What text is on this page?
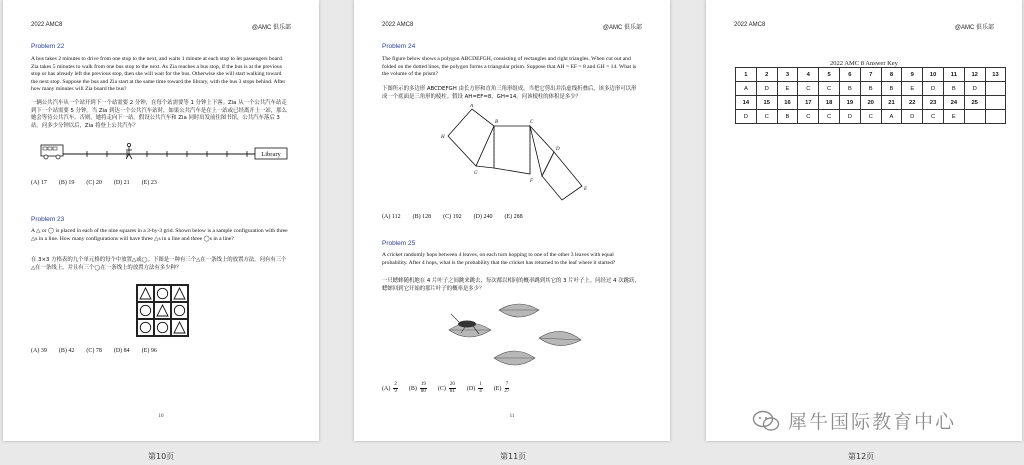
2022 AMC8	@AMC 俱乐部
Problem 22
A bus takes 2 minutes to drive from one stop to the next, and waits 1 minute at each stop to let passengers board. Zia takes 5 minutes to walk from one bus stop to the next. As Zia reaches a bus stop, if the bus is at the previous stop or has already left the previous stop, then she will wait for the bus. Otherwise she will start walking toward the next stop. Suppose the bus and Zia start at the same time toward the library, with the bus 3 stops behind. After how many minutes will Zia board the bus?
一辆公共汽车从一个站开到下一个站需要 2 分钟，在每个站需要等 1 分钟上下客。Zia 从一个公共汽车站走到下一个站需要 5 分钟。当 Zia 到达一个公共汽车站时，如果公共汽车是在上一站或已经离开上一站，那么她会等待公共汽车。否则，她将走向下一站。假设公共汽车和 Zia 同时出发前往图书馆，公共汽车落后 3 站。问多少分钟以后，Zia 将登上公共汽车？
Library
(A) 17 (B) 19 (C) 20 (D) 21 (E) 23
Problem 23
A △ or ◯ is placed in each of the nine squares in a 3-by-3 grid. Shown below is a sample configuration with three △s in a line. How many configurations will have three △s in a line and three ◯s in a line?
在 3×3 方格表的九个单元格的每个中放置△或◯。下图是一种有三个△在一条线上的放置方法。问有有三个△在一条线上，并且有三个◯在一条线上的放置方法有多少种？
(A) 39 (B) 42 (C) 78 (D) 84 (E) 96
10
第10页
2022 AMC8	@AMC 俱乐部
Problem 24
The figure below shows a polygon ABCDEFGH, consisting of rectangles and right triangles. When cut out and folded on the dotted lines, the polygon forms a triangular prism. Suppose that AH = EF = 8 and GH = 14. What is the volume of the prism?
下图所示的多边形 ABCDEFGH 由长方形和直角三角形组成。当把它剪出并沿虚线折叠后，该多边形可以形成一个底面是三角形的棱柱。假设 AH=EF=8，GH=14。问该棱柱的体积是多少？
H
A
B	C
D
E
F
G
(A) 112 (B) 128 (C) 192 (D) 240 (E) 288
Problem 25
A cricket randomly hops between 4 leaves, on each turn hopping to one of the other 3 leaves with equal probability. After 4 hops, what is the probability that the cricket has returned to the leaf where it started?
一只蟋蟀随机地在 4 片叶子之间跳来跳去，每次都以相同的概率跳到其它的 3 片叶子上。问经过 4 次跳跃，蟋蟀回到它开始的那片叶子的概率是多少？
(A)
2
9 (B)
19
80 (C)
20
81 (D)
1
4 (E)
7
27
11
第11页
2022 AMC8	@AMC 俱乐部
2022 AMC 8 Answer Key
1	2	3	4	5	6	7	8	9	10	11	12	13
A	D	E	C	C	B	B	B	E	D	B	D	
14	15	16	17	18	19	20	21	22	23	24	25	
D	C	B	C	C	D	C	A	D	C	E		
第12页
犀牛国际教育中心
